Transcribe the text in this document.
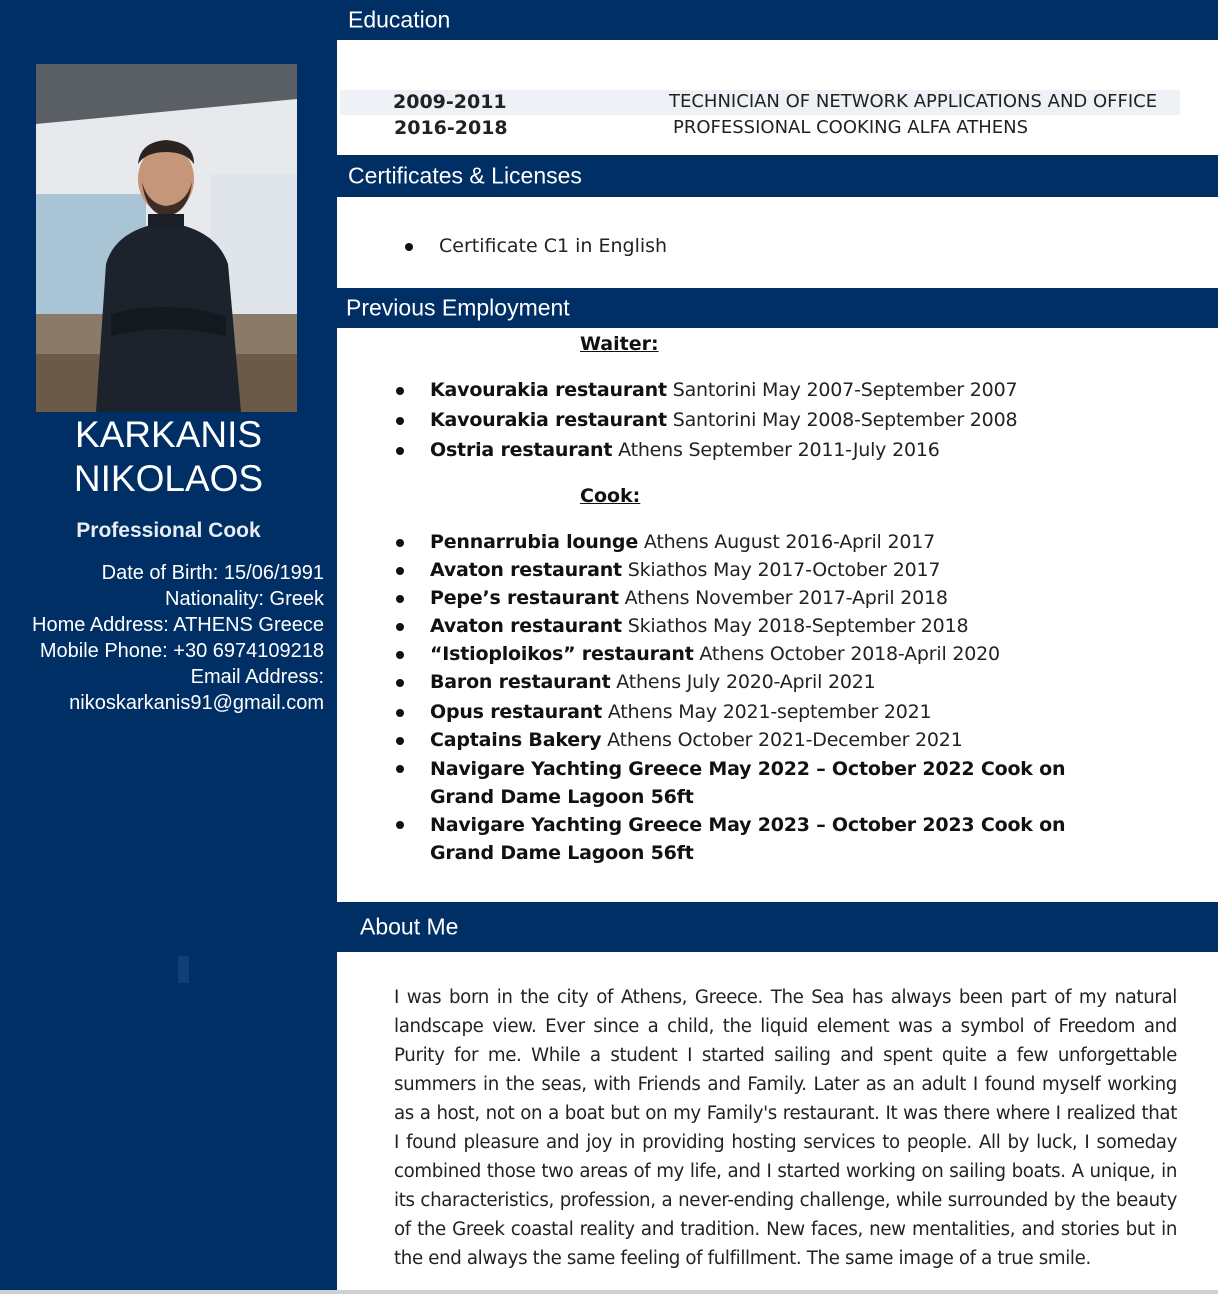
KARKANIS
NIKOLAOS
Professional Cook
Date of Birth: 15/06/1991
Nationality: Greek
Home Address: ATHENS Greece
Mobile Phone: +30 6974109218
Email Address:
nikoskarkanis91@gmail.com
Education
2009-2011	TECHNICIAN OF NETWORK APPLICATIONS AND OFFICE
2016-2018	PROFESSIONAL COOKING ALFA ATHENS
Certificates & Licenses
Certificate C1 in English
Previous Employment
Waiter:
Kavourakia restaurant Santorini May 2007-September 2007
Kavourakia restaurant Santorini May 2008-September 2008
Ostria restaurant Athens September 2011-July 2016
Cook:
Pennarrubia lounge Athens August 2016-April 2017
Avaton restaurant Skiathos May 2017-October 2017
Pepe’s restaurant Athens November 2017-April 2018
Avaton restaurant Skiathos May 2018-September 2018
“Istioploikos” restaurant Athens October 2018-April 2020
Baron restaurant Athens July 2020-April 2021
Opus restaurant Athens May 2021-september 2021
Captains Bakery Athens October 2021-December 2021
Navigare Yachting Greece May 2022 – October 2022 Cook on Grand Dame Lagoon 56ft
Navigare Yachting Greece May 2023 – October 2023 Cook on Grand Dame Lagoon 56ft
About Me
I was born in the city of Athens, Greece. The Sea has always been part of my natural landscape view. Ever since a child, the liquid element was a symbol of Freedom and Purity for me. While a student I started sailing and spent quite a few unforgettable summers in the seas, with Friends and Family. Later as an adult I found myself working as a host, not on a boat but on my Family's restaurant. It was there where I realized that I found pleasure and joy in providing hosting services to people. All by luck, I someday combined those two areas of my life, and I started working on sailing boats. A unique, in its characteristics, profession, a never-ending challenge, while surrounded by the beauty of the Greek coastal reality and tradition. New faces, new mentalities, and stories but in the end always the same feeling of fulfillment. The same image of a true smile.
